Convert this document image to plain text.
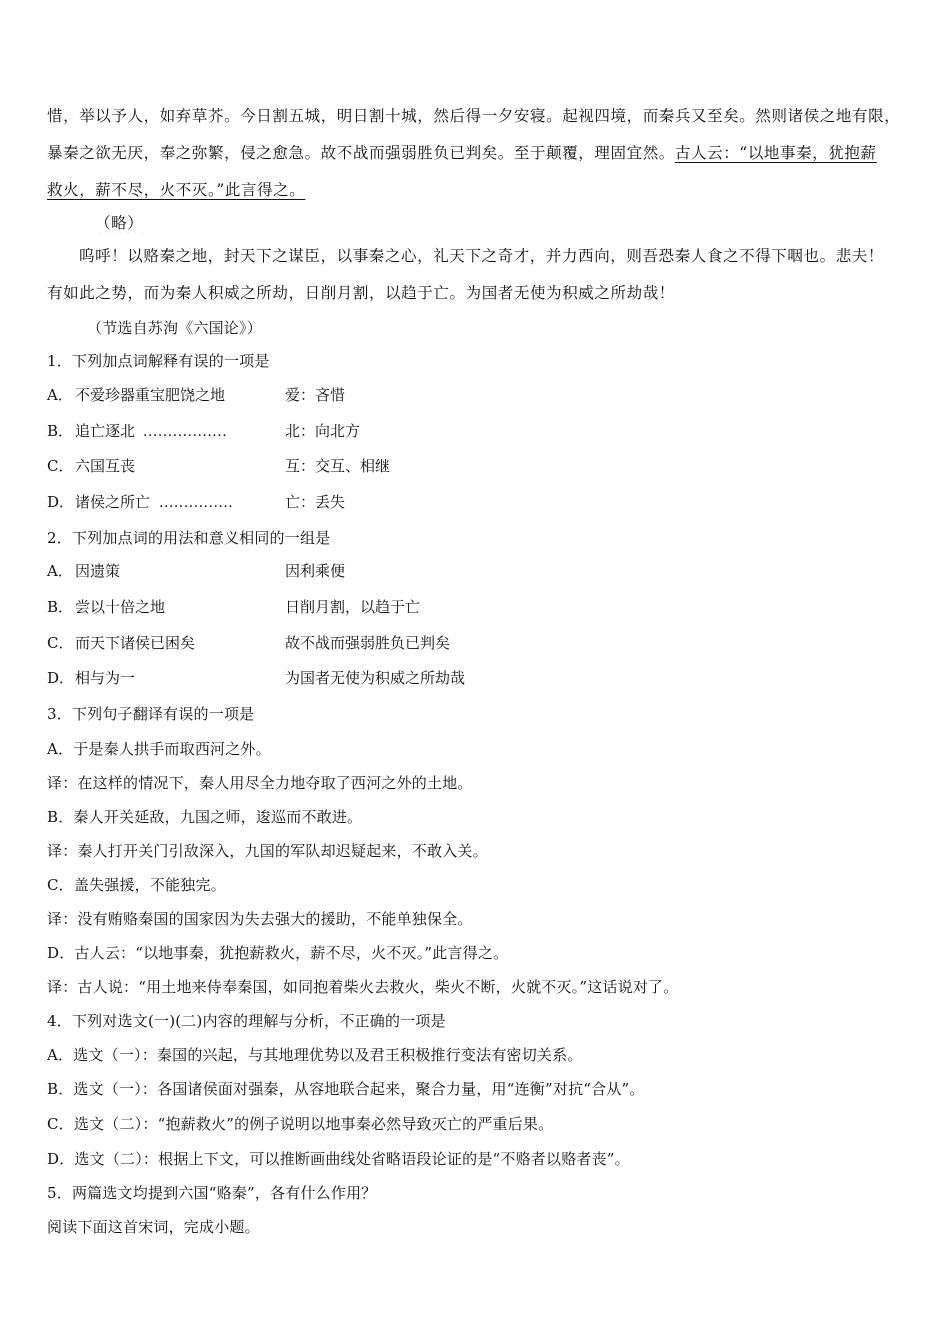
惜，举以予人，如弃草芥。今日割五城，明日割十城，然后得一夕安寝。起视四境，而秦兵又至矣。然则诸侯之地有限，
暴秦之欲无厌，奉之弥繁，侵之愈急。故不战而强弱胜负已判矣。至于颠覆，理固宜然。古人云：“以地事秦，犹抱薪
救火，薪不尽，火不灭。”此言得之。
（略）
呜呼！以赂秦之地，封天下之谋臣，以事秦之心，礼天下之奇才，并力西向，则吾恐秦人食之不得下咽也。悲夫！
有如此之势，而为秦人积威之所劫，日削月割，以趋于亡。为国者无使为积威之所劫哉！
（节选自苏洵《六国论》）
1．下列加点词解释有误的一项是
A． 不爱珍器重宝肥饶之地	爱：吝惜
B． 追亡逐北 .................	北：向北方
C． 六国互丧	互：交互、相继
D． 诸侯之所亡 ...............	亡：丢失
2．下列加点词的用法和意义相同的一组是
A． 因遗策	因利乘便
B． 尝以十倍之地	日削月割，以趋于亡
C． 而天下诸侯已困矣	故不战而强弱胜负已判矣
D． 相与为一	为国者无使为积威之所劫哉
3．下列句子翻译有误的一项是
A．于是秦人拱手而取西河之外。
译：在这样的情况下，秦人用尽全力地夺取了西河之外的土地。
B．秦人开关延敌，九国之师，逡巡而不敢进。
译：秦人打开关门引敌深入，九国的军队却迟疑起来，不敢入关。
C．盖失强援，不能独完。
译：没有贿赂秦国的国家因为失去强大的援助，不能单独保全。
D．古人云：“以地事秦，犹抱薪救火，薪不尽，火不灭。”此言得之。
译：古人说：“用土地来侍奉秦国，如同抱着柴火去救火，柴火不断，火就不灭。”这话说对了。
4．下列对选文(一)(二)内容的理解与分析，不正确的一项是
A．选文（一）：秦国的兴起，与其地理优势以及君王积极推行变法有密切关系。
B．选文（一）：各国诸侯面对强秦，从容地联合起来，聚合力量，用“连衡”对抗“合从”。
C．选文（二）：“抱薪救火”的例子说明以地事秦必然导致灭亡的严重后果。
D．选文（二）：根据上下文，可以推断画曲线处省略语段论证的是“不赂者以赂者丧”。
5．两篇选文均提到六国“赂秦”，各有什么作用？
阅读下面这首宋词，完成小题。
